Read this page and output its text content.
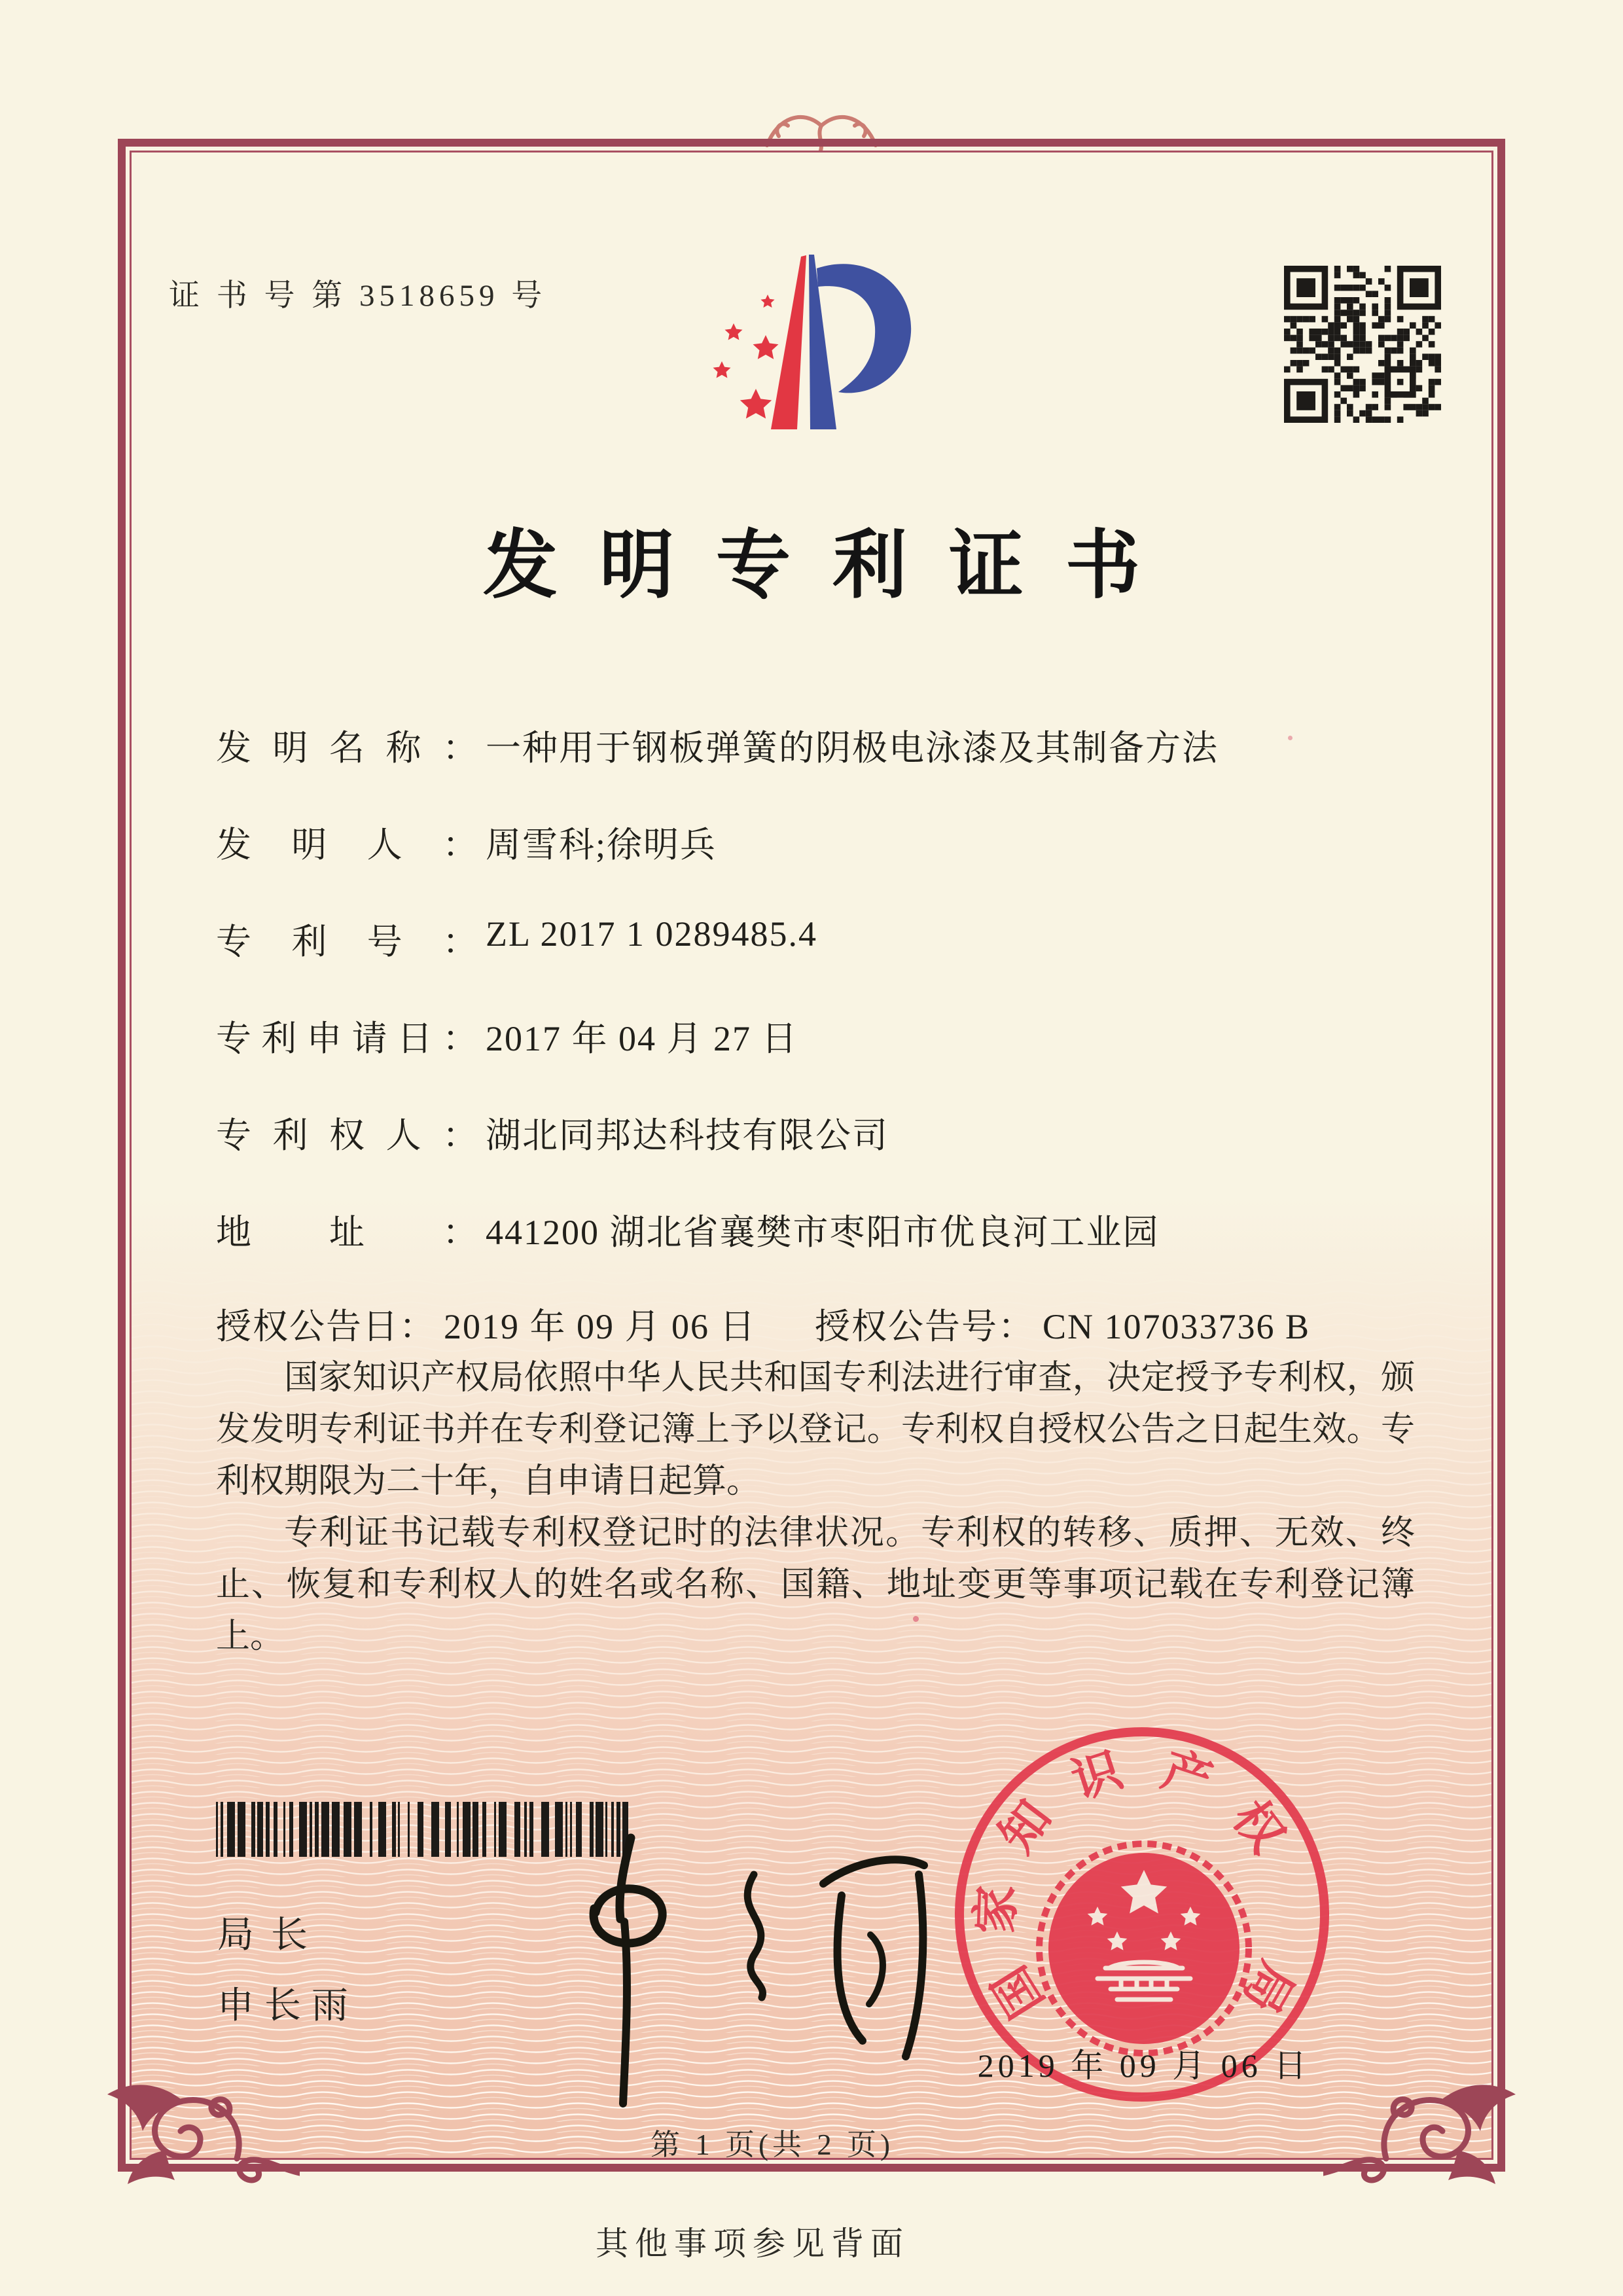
证 书 号 第 3518659 号
发明专利证书
发明名称： 一种用于钢板弹簧的阴极电泳漆及其制备方法
发明人： 周雪科;徐明兵
专利号： ZL 2017 1 0289485.4
专利申请日： 2017 年 04 月 27 日
专利权人： 湖北同邦达科技有限公司
地址： 441200 湖北省襄樊市枣阳市优良河工业园
授权公告日： 2019 年 09 月 06 日 授权公告号： CN 107033736 B

国家知识产权局依照中华人民共和国专利法进行审查，决定授予专利权，颁发发明专利证书并在专利登记簿上予以登记。专利权自授权公告之日起生效。专利权期限为二十年，自申请日起算。

专利证书记载专利权登记时的法律状况。专利权的转移、质押、无效、终止、恢复和专利权人的姓名或名称、国籍、地址变更等事项记载在专利登记簿上。

局长
申长雨	国
家
知
识 产
权
局
2019 年 09 月 06 日
第 1 页(共 2 页)
其他事项参见背面
